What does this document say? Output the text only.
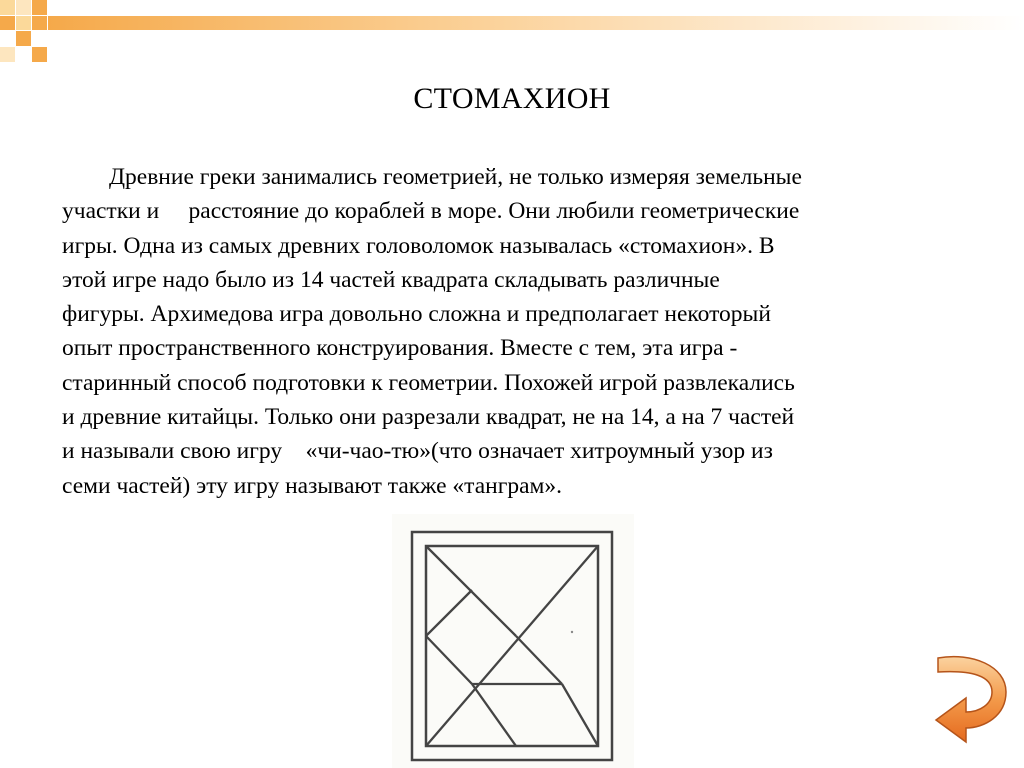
СТОМАХИОН
Древние греки занимались геометрией, не только измеряя земельные
участки и     расстояние до кораблей в море. Они любили геометрические
игры. Одна из самых древних головоломок называлась «стомахион». В
этой игре надо было из 14 частей квадрата складывать различные
фигуры. Архимедова игра довольно сложна и предполагает некоторый
опыт пространственного конструирования. Вместе с тем, эта игра -
старинный способ подготовки к геометрии. Похожей игрой развлекались
и древние китайцы. Только они разрезали квадрат, не на 14, а на 7 частей
и называли свою игру    «чи-чао-тю»(что означает хитроумный узор из
семи частей) эту игру называют также «танграм».
